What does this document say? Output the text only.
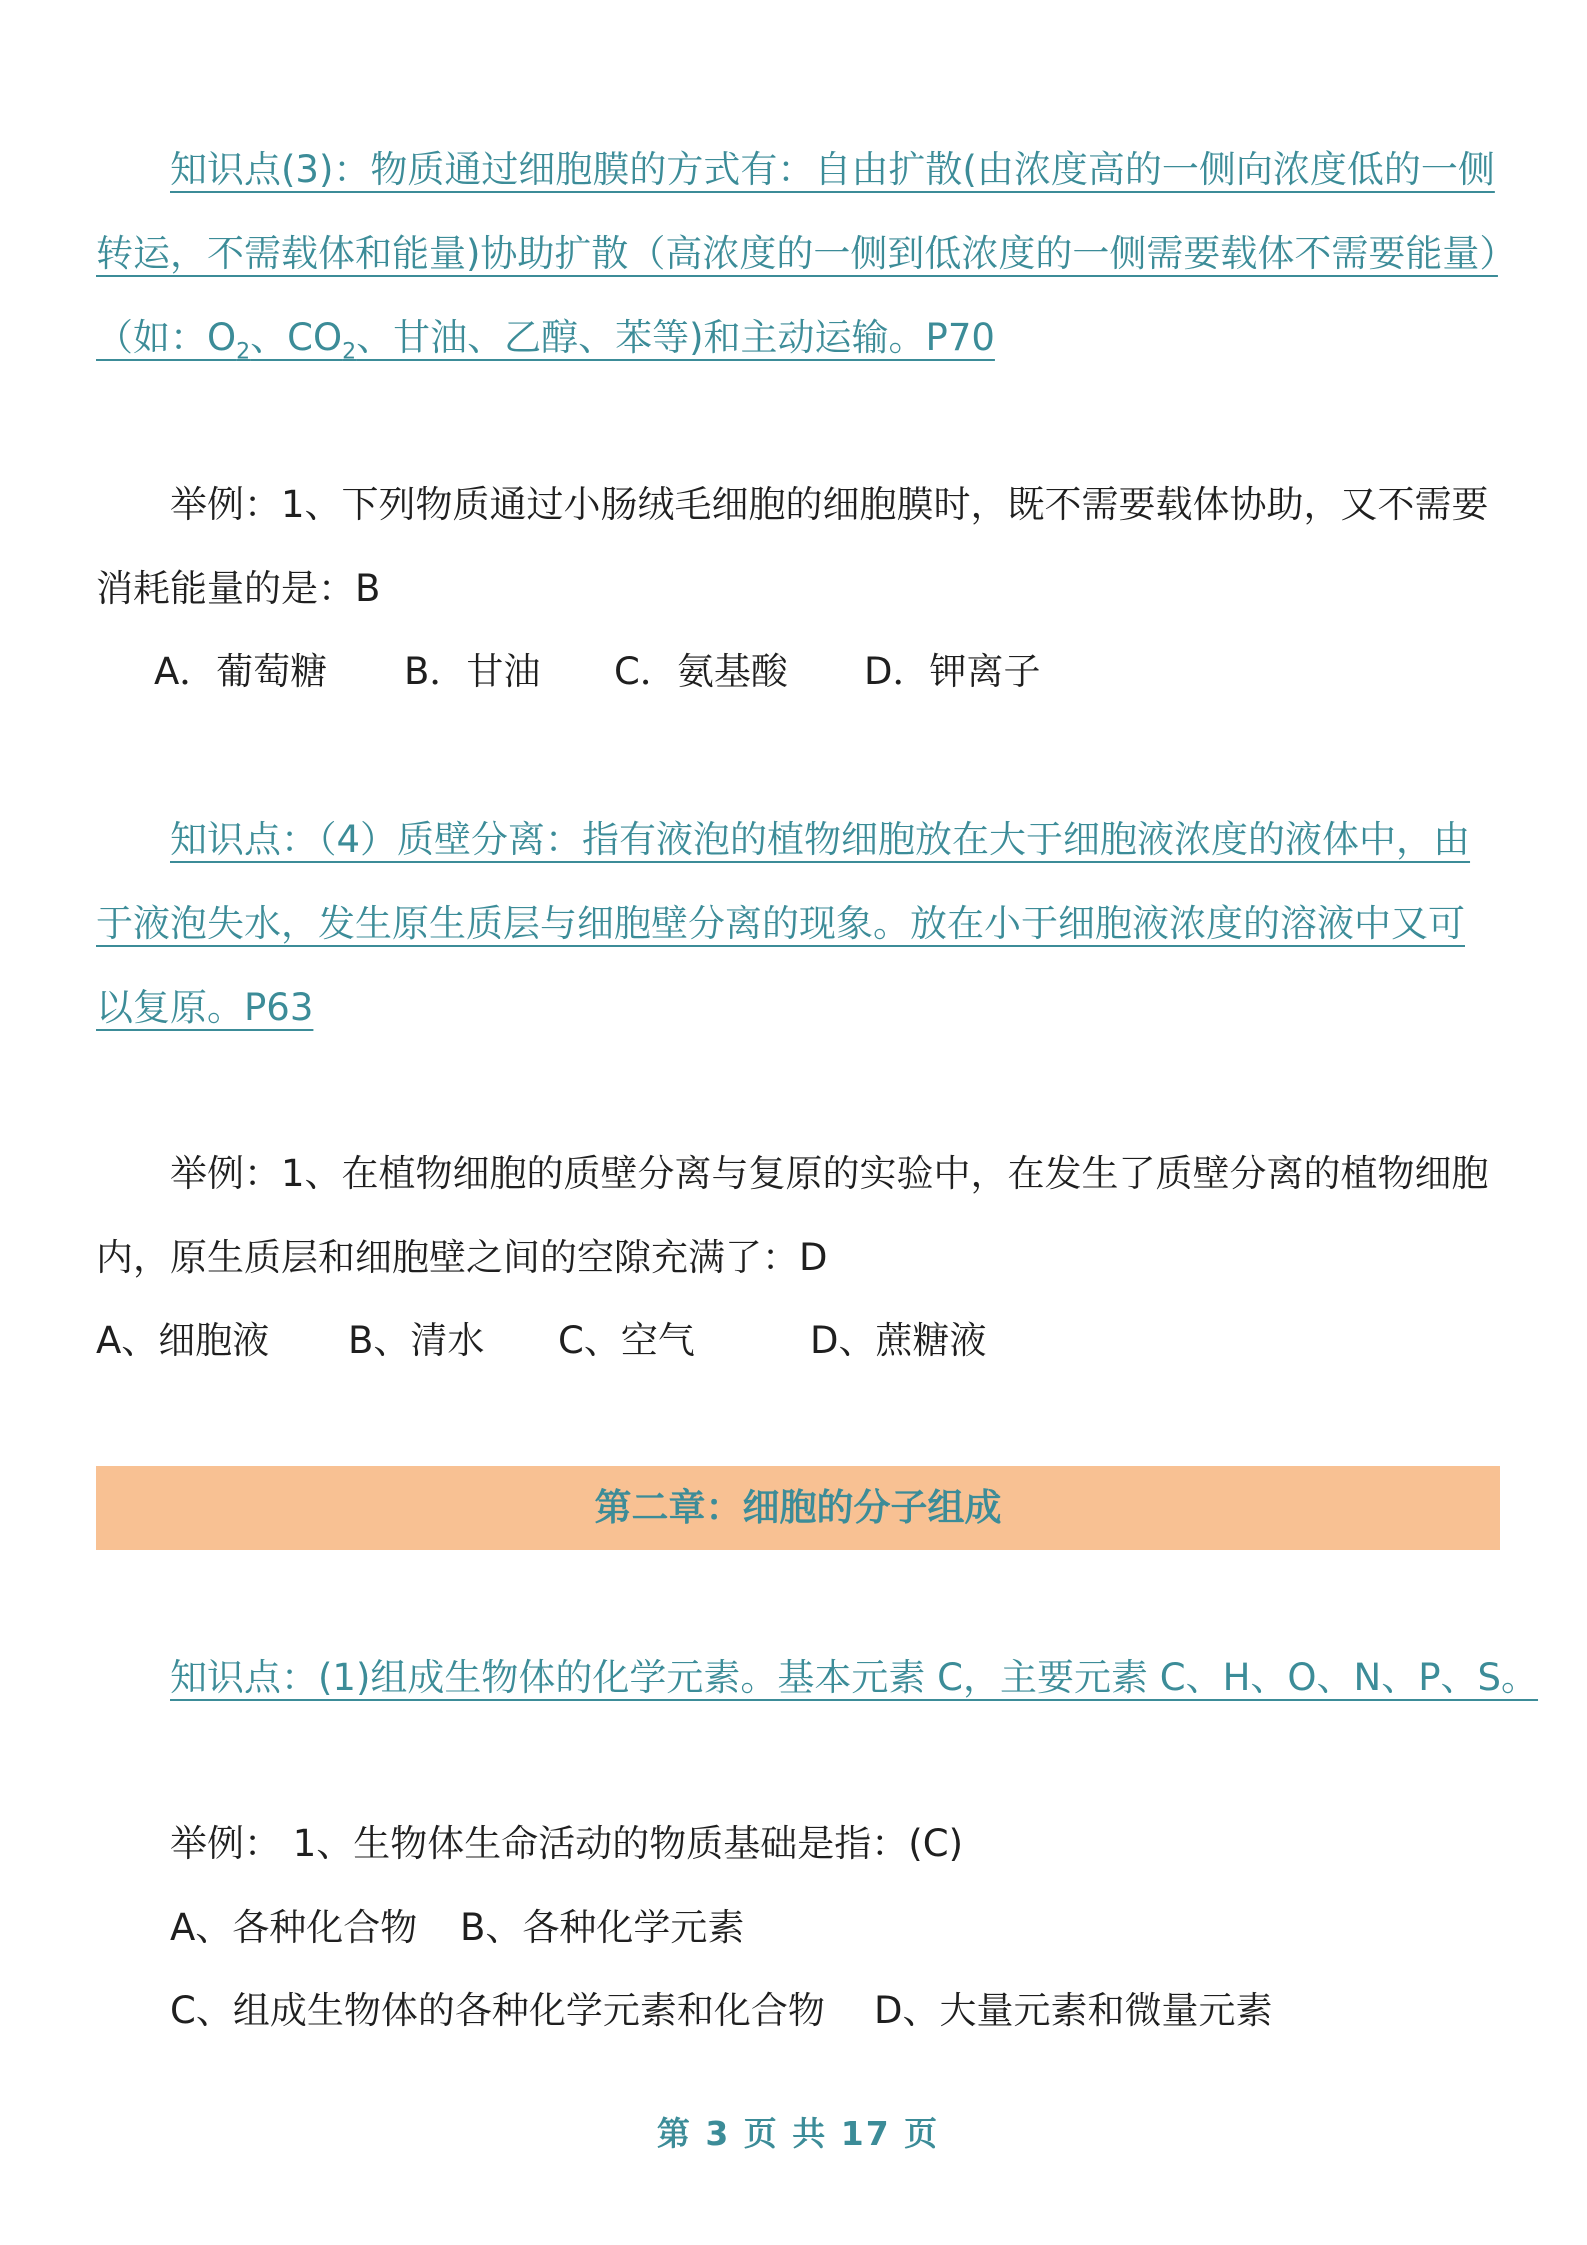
知识点(3)：物质通过细胞膜的方式有：自由扩散(由浓度高的一侧向浓度低的一侧转运，不需载体和能量)协助扩散（高浓度的一侧到低浓度的一侧需要载体不需要能量）（如：$O_2$、$CO_2$、甘油、乙醇、苯等)和主动运输。P70

举例：1、下列物质通过小肠绒毛细胞的细胞膜时，既不需要载体协助，又不需要消耗能量的是：B

A．葡萄糖 B．甘油 C．氨基酸 D．钾离子

知识点：（4）质壁分离：指有液泡的植物细胞放在大于细胞液浓度的液体中，由于液泡失水，发生原生质层与细胞壁分离的现象。放在小于细胞液浓度的溶液中又可以复原。P63

举例：1、在植物细胞的质壁分离与复原的实验中，在发生了质壁分离的植物细胞内，原生质层和细胞壁之间的空隙充满了：D

A、细胞液 B、清水 C、空气	D、蔗糖液
第二章：细胞的分子组成

知识点：(1)组成生物体的化学元素。基本元素 C，主要元素 C、H、O、N、P、S。

举例： 1、生物体生命活动的物质基础是指：(C)

A、各种化合物 B、各种化学元素
C、组成生物体的各种化学元素和化合物 D、大量元素和微量元素
第 3 页 共 17 页
